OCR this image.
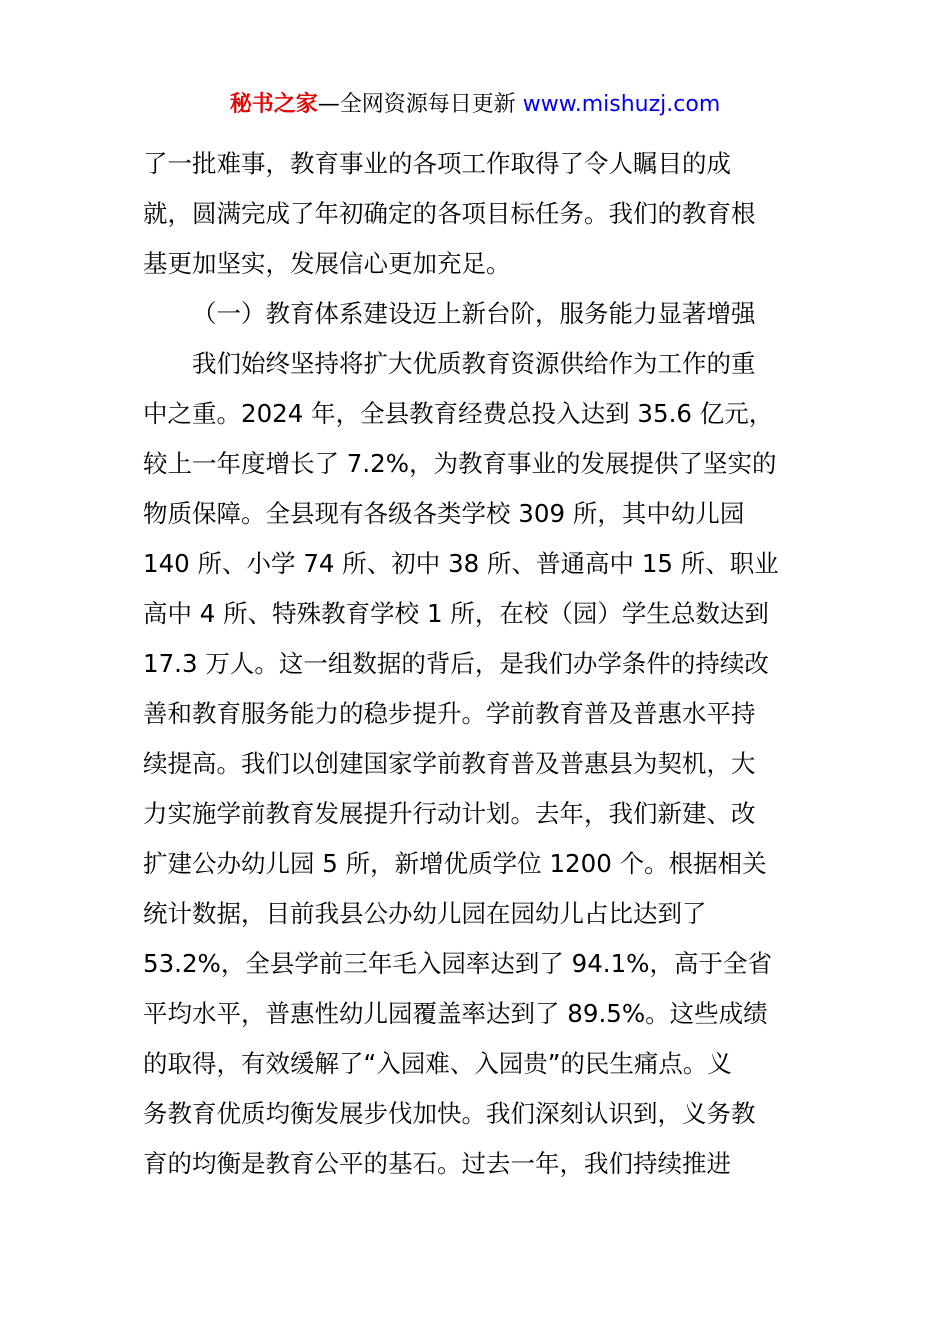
秘书之家—全网资源每日更新 www.mishuzj.com
了一批难事，教育事业的各项工作取得了令人瞩目的成
就，圆满完成了年初确定的各项目标任务。我们的教育根
基更加坚实，发展信心更加充足。
（一）教育体系建设迈上新台阶，服务能力显著增强
我们始终坚持将扩大优质教育资源供给作为工作的重
中之重。2024 年，全县教育经费总投入达到 35.6 亿元，
较上一年度增长了 7.2%，为教育事业的发展提供了坚实的
物质保障。全县现有各级各类学校 309 所，其中幼儿园
140 所、小学 74 所、初中 38 所、普通高中 15 所、职业
高中 4 所、特殊教育学校 1 所，在校（园）学生总数达到
17.3 万人。这一组数据的背后，是我们办学条件的持续改
善和教育服务能力的稳步提升。学前教育普及普惠水平持
续提高。我们以创建国家学前教育普及普惠县为契机，大
力实施学前教育发展提升行动计划。去年，我们新建、改
扩建公办幼儿园 5 所，新增优质学位 1200 个。根据相关
统计数据，目前我县公办幼儿园在园幼儿占比达到了
53.2%，全县学前三年毛入园率达到了 94.1%，高于全省
平均水平，普惠性幼儿园覆盖率达到了 89.5%。这些成绩
的取得，有效缓解了“入园难、入园贵”的民生痛点。义
务教育优质均衡发展步伐加快。我们深刻认识到，义务教
育的均衡是教育公平的基石。过去一年，我们持续推进
